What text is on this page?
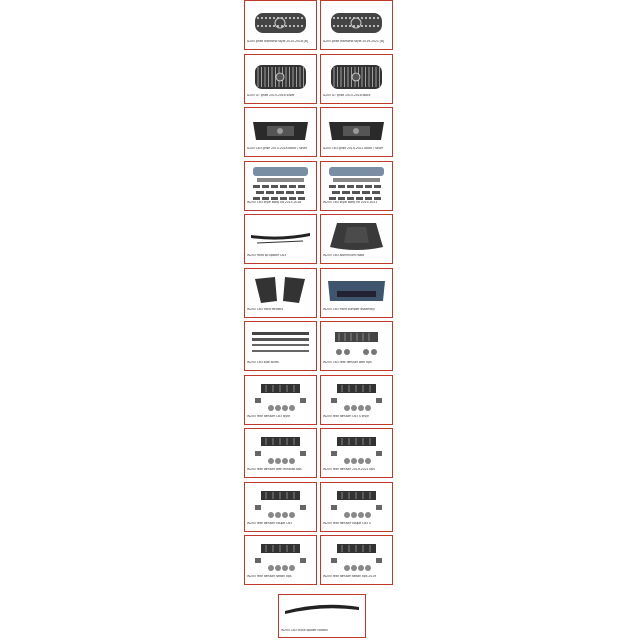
A205 grille diamond style 2015-2018 [B]	A205 grille diamond style 2019-2021 [B]
A205 GT grille 2015-2018 silver	A205 GT grille 2015-2018 black
A205 C63 grille 2015-2018 black / silver	A205 C63 grille 2019-2021 black / silver
W205 C63 style body kit 2015-2018	W205 C63 style body kit 2019-2021
W205 front lip spoiler C63	W205 C63 aluminium hood
W205 C63 front fenders	W205 C63 front bumper assembly
W205 C63 side skirts	W205 C63 rear diffuser with tips
W205 rear diffuser C63 style	W205 rear diffuser C63 S style
W205 rear diffuser with exhaust tips	W205 rear diffuser 2019-2021 tips
W205 rear diffuser coupe C63	W205 rear diffuser coupe C63 S
W205 rear diffuser sedan tips	W205 rear diffuser sedan tips 2019
W205 C63 trunk spoiler carbon
